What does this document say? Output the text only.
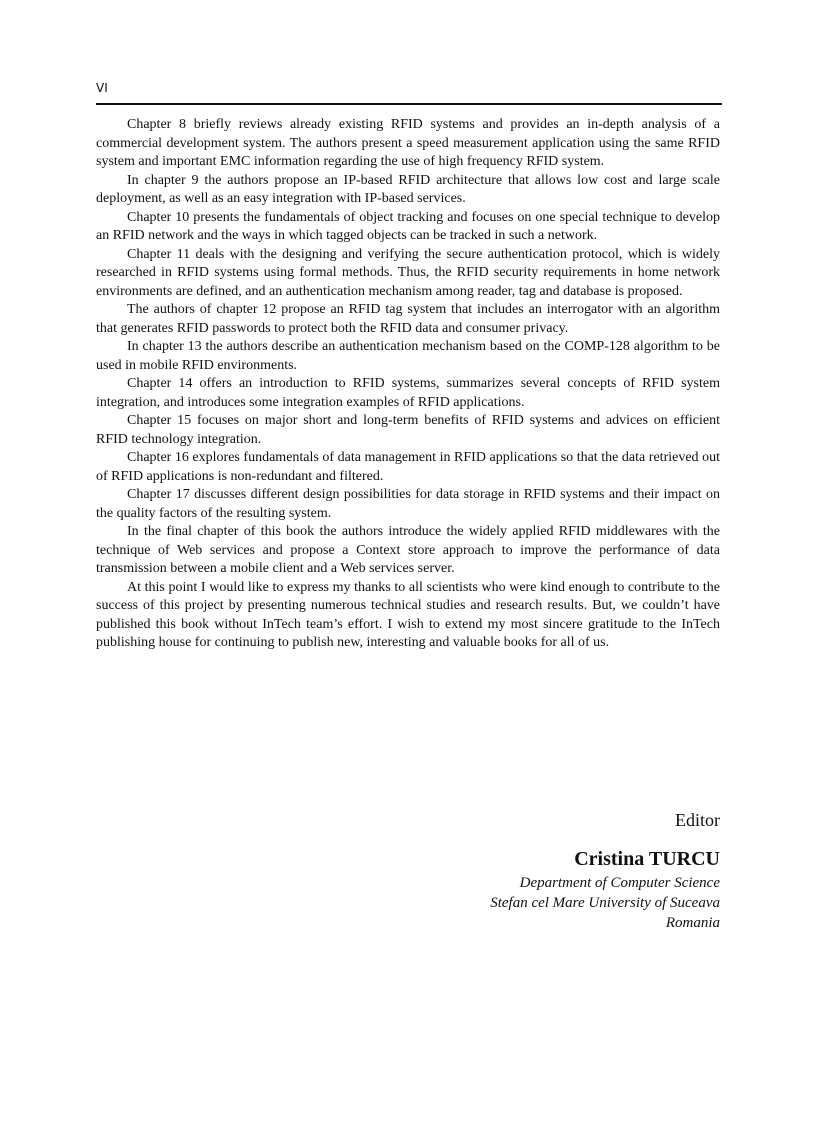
VI

Chapter 8 briefly reviews already existing RFID systems and provides an in-depth analysis of a commercial development system. The authors present a speed measurement application using the same RFID system and important EMC information regarding the use of high frequency RFID system.

In chapter 9 the authors propose an IP-based RFID architecture that allows low cost and large scale deployment, as well as an easy integration with IP-based services.

Chapter 10 presents the fundamentals of object tracking and focuses on one special technique to develop an RFID network and the ways in which tagged objects can be tracked in such a network.

Chapter 11 deals with the designing and verifying the secure authentication protocol, which is widely researched in RFID systems using formal methods. Thus, the RFID security requirements in home network environments are defined, and an authentication mechanism among reader, tag and database is proposed.

The authors of chapter 12 propose an RFID tag system that includes an interrogator with an algorithm that generates RFID passwords to protect both the RFID data and consumer privacy.

In chapter 13 the authors describe an authentication mechanism based on the COMP-128 algorithm to be used in mobile RFID environments.

Chapter 14 offers an introduction to RFID systems, summarizes several concepts of RFID system integration, and introduces some integration examples of RFID applications.

Chapter 15 focuses on major short and long-term benefits of RFID systems and advices on efficient RFID technology integration.

Chapter 16 explores fundamentals of data management in RFID applications so that the data retrieved out of RFID applications is non-redundant and filtered.

Chapter 17 discusses different design possibilities for data storage in RFID systems and their impact on the quality factors of the resulting system.

In the final chapter of this book the authors introduce the widely applied RFID middlewares with the technique of Web services and propose a Context store approach to improve the performance of data transmission between a mobile client and a Web services server.

At this point I would like to express my thanks to all scientists who were kind enough to contribute to the success of this project by presenting numerous technical studies and research results. But, we couldn’t have published this book without InTech team’s effort. I wish to extend my most sincere gratitude to the InTech publishing house for continuing to publish new, interesting and valuable books for all of us.

Editor
Cristina TURCU
Department of Computer Science
Stefan cel Mare University of Suceava
Romania
